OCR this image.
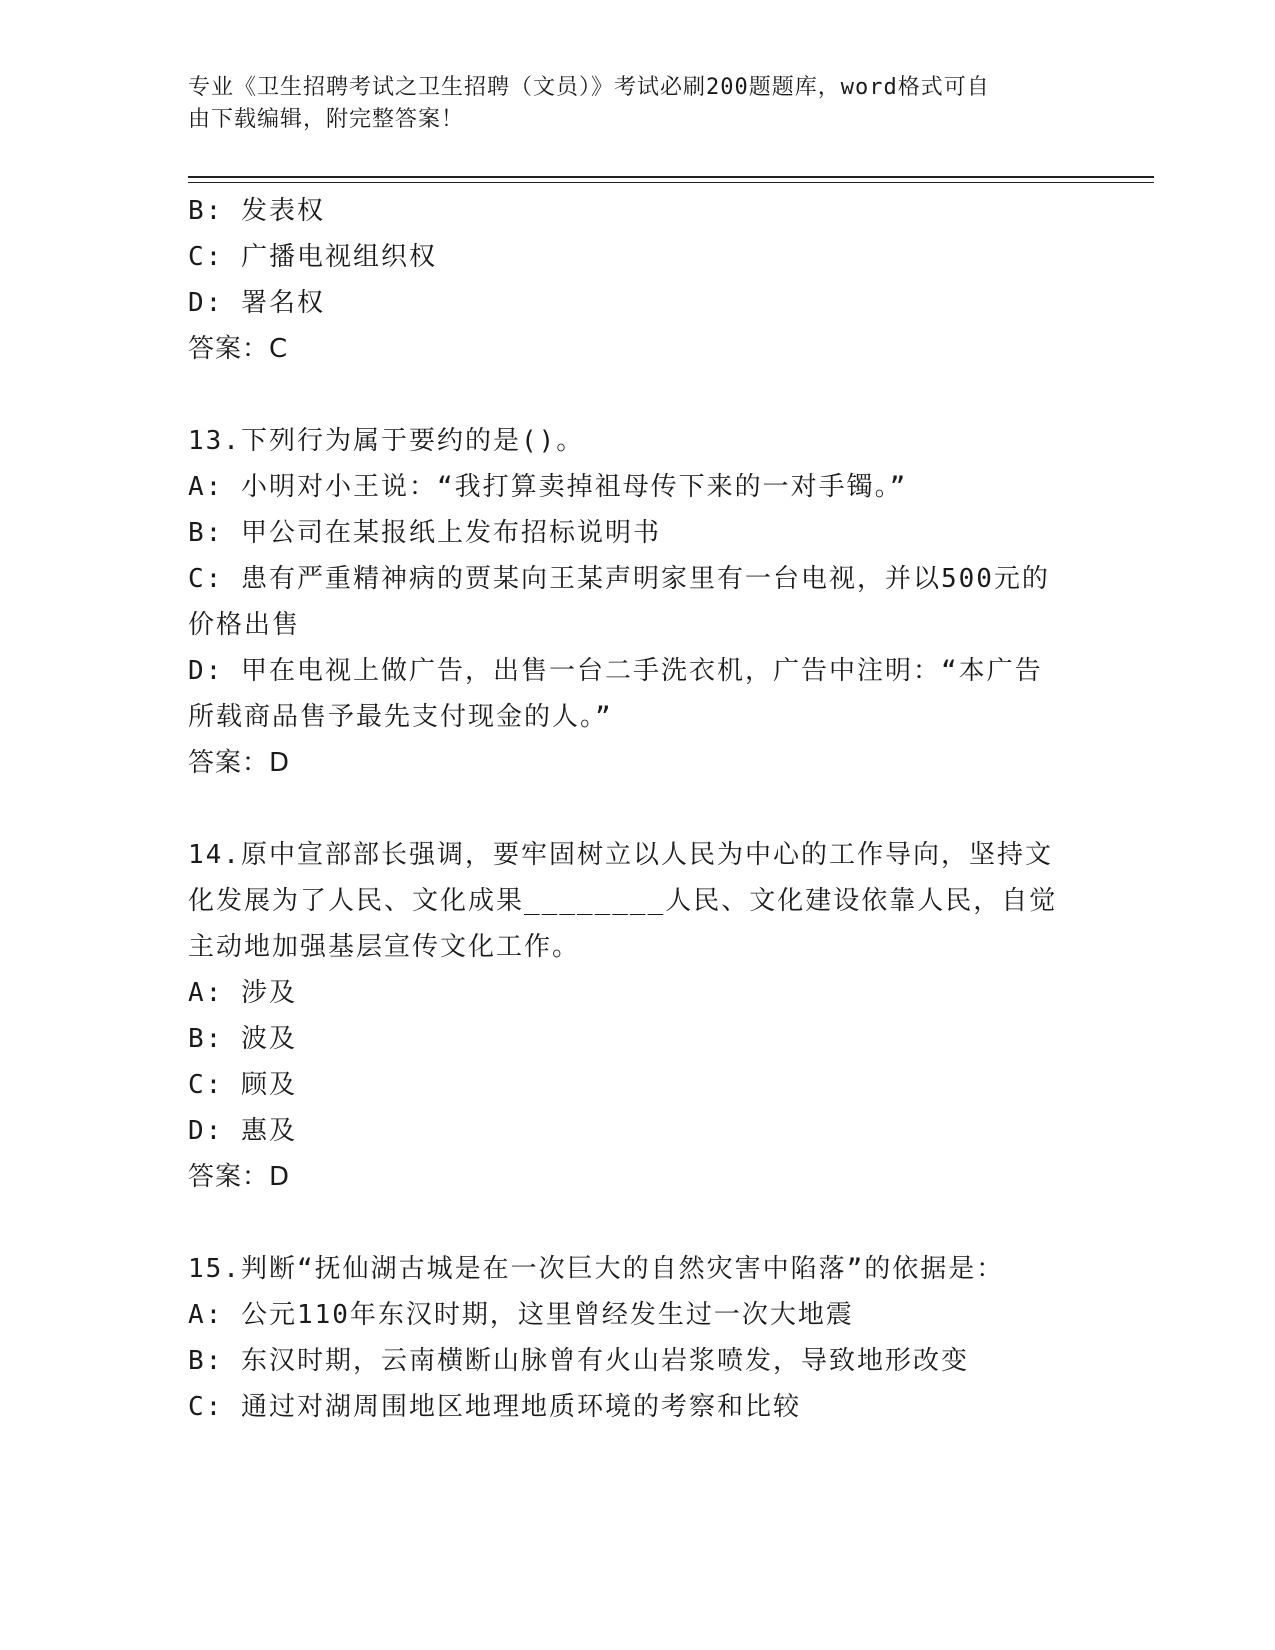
专业《卫生招聘考试之卫生招聘（文员）》考试必刷200题题库，word格式可自
由下载编辑，附完整答案！

B: 发表权

C: 广播电视组织权

D: 署名权

答案：C

13.下列行为属于要约的是()。

A: 小明对小王说：“我打算卖掉祖母传下来的一对手镯。”

B: 甲公司在某报纸上发布招标说明书

C: 患有严重精神病的贾某向王某声明家里有一台电视，并以500元的

价格出售

D: 甲在电视上做广告，出售一台二手洗衣机，广告中注明：“本广告

所载商品售予最先支付现金的人。”

答案：D

14.原中宣部部长强调，要牢固树立以人民为中心的工作导向，坚持文

化发展为了人民、文化成果________人民、文化建设依靠人民，自觉

主动地加强基层宣传文化工作。

A: 涉及

B: 波及

C: 顾及

D: 惠及

答案：D

15.判断“抚仙湖古城是在一次巨大的自然灾害中陷落”的依据是：

A: 公元110年东汉时期，这里曾经发生过一次大地震

B: 东汉时期，云南横断山脉曾有火山岩浆喷发，导致地形改变

C: 通过对湖周围地区地理地质环境的考察和比较
